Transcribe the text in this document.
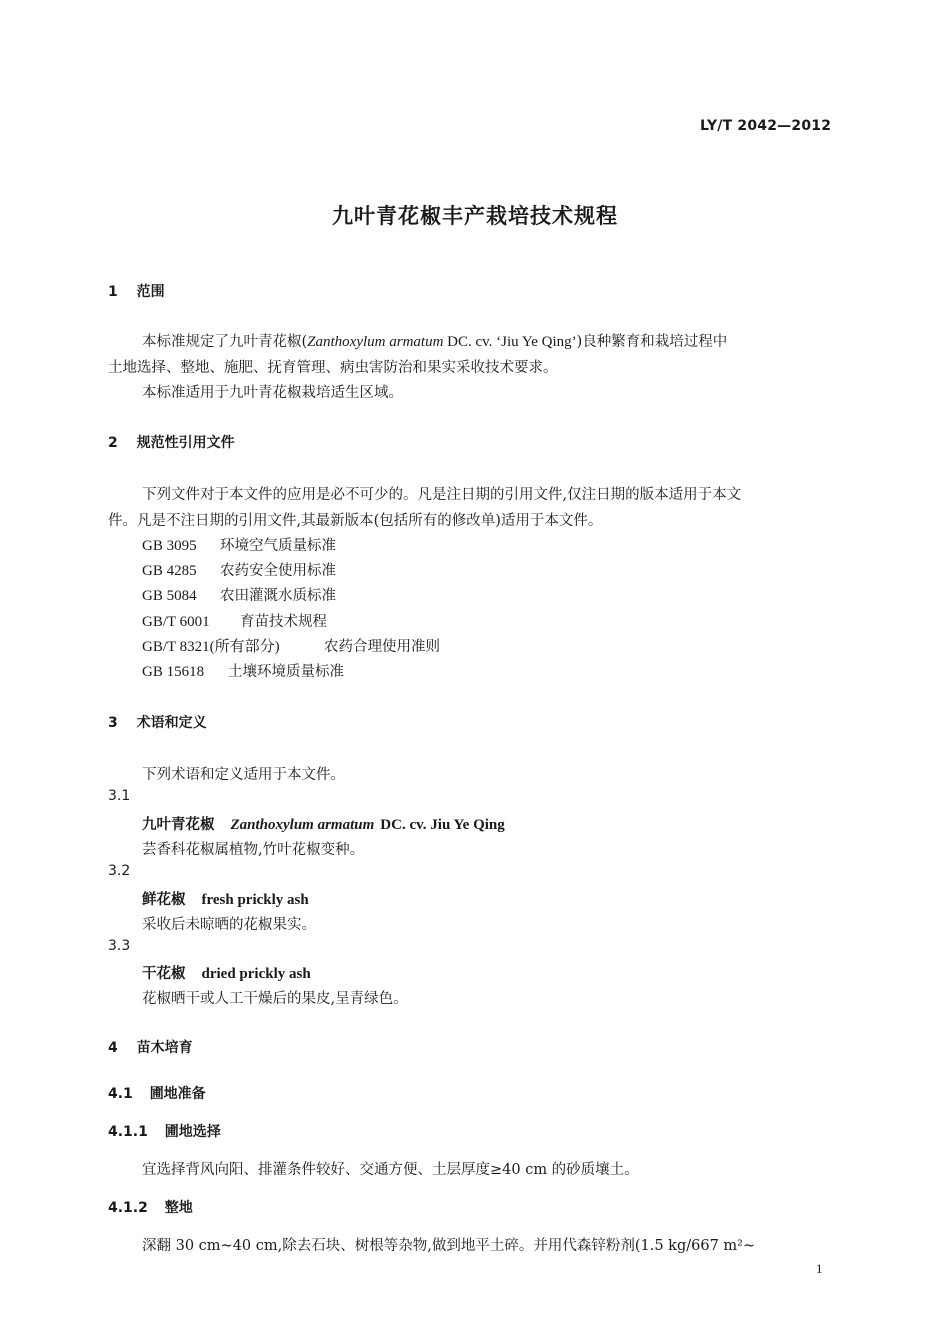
LY/T 2042—2012
九叶青花椒丰产栽培技术规程
1 范围
本标准规定了九叶青花椒(Zanthoxylum armatum DC. cv. ‘Jiu Ye Qing’)良种繁育和栽培过程中
土地选择、整地、施肥、抚育管理、病虫害防治和果实采收技术要求。
本标准适用于九叶青花椒栽培适生区域。
2 规范性引用文件
下列文件对于本文件的应用是必不可少的。凡是注日期的引用文件,仅注日期的版本适用于本文
件。凡是不注日期的引用文件,其最新版本(包括所有的修改单)适用于本文件。
GB 3095 环境空气质量标准
GB 4285 农药安全使用标准
GB 5084 农田灌溉水质标准
GB/T 6001 育苗技术规程
GB/T 8321(所有部分)	农药合理使用准则
GB 15618 土壤环境质量标准
3 术语和定义
下列术语和定义适用于本文件。
3.1
九叶青花椒 Zanthoxylum armatum DC. cv. Jiu Ye Qing
芸香科花椒属植物,竹叶花椒变种。
3.2
鲜花椒 fresh prickly ash
采收后未晾晒的花椒果实。
3.3
干花椒 dried prickly ash
花椒晒干或人工干燥后的果皮,呈青绿色。
4 苗木培育
4.1 圃地准备
4.1.1 圃地选择
宜选择背风向阳、排灌条件较好、交通方便、土层厚度≥40 cm 的砂质壤土。
4.1.2 整地
深翻 30 cm~40 cm,除去石块、树根等杂物,做到地平土碎。并用代森锌粉剂(1.5 kg/667 m²~
1
